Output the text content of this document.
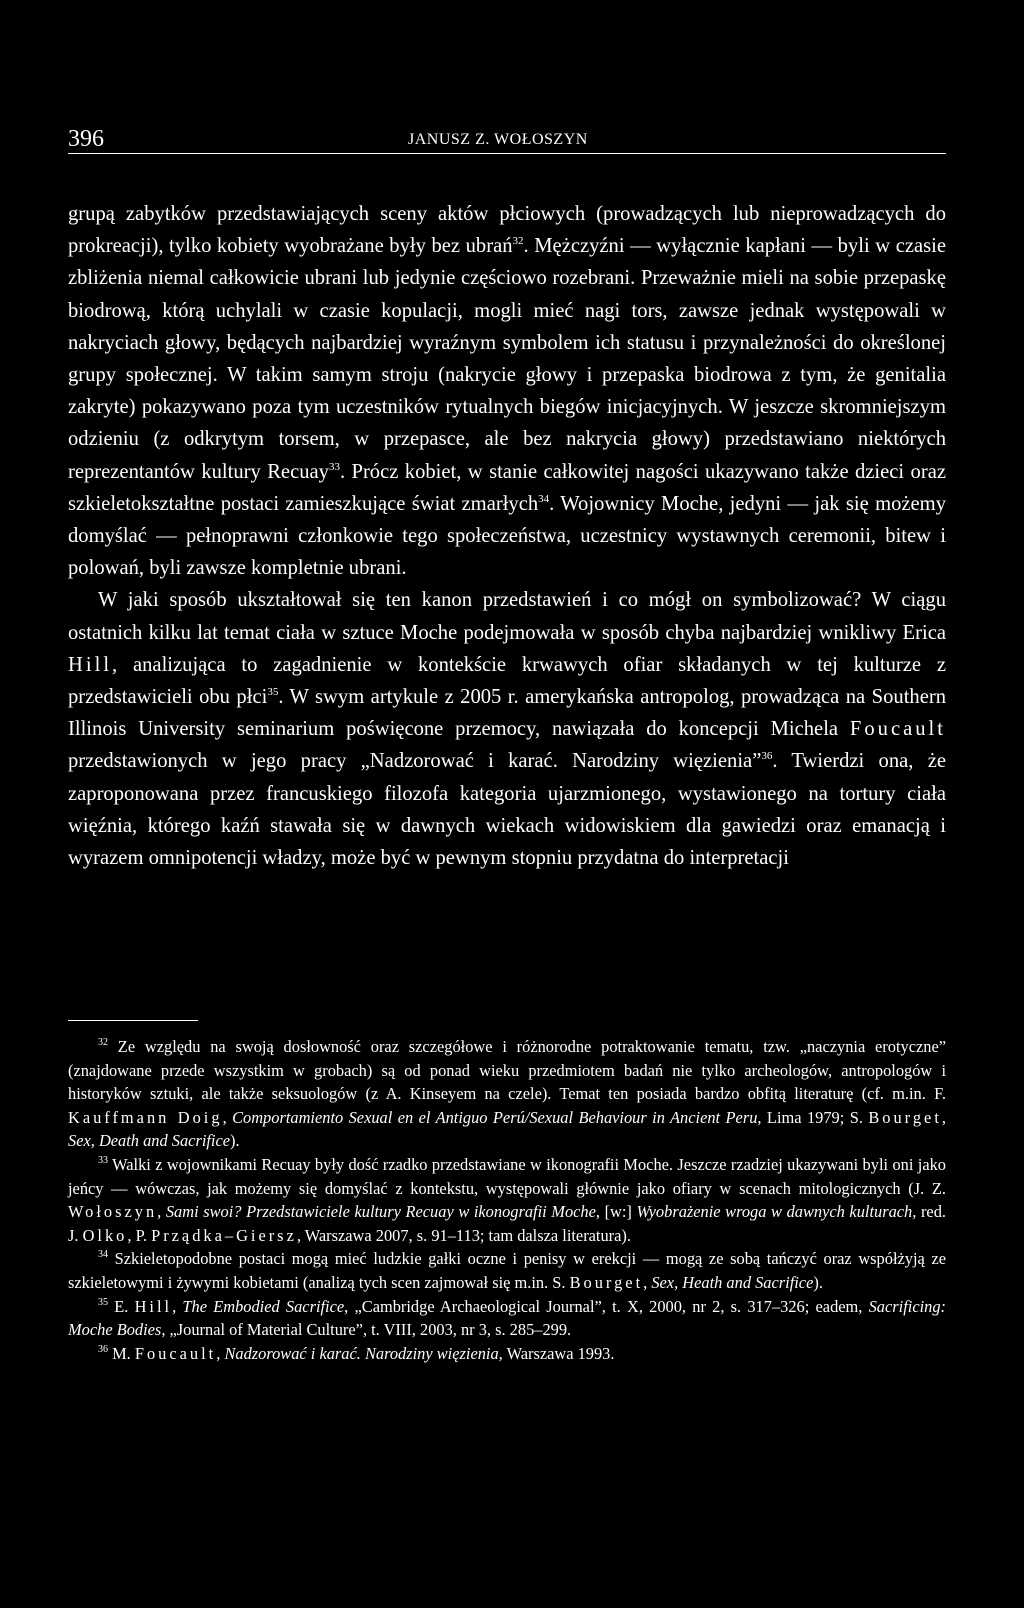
396	JANUSZ Z. WOŁOSZYN

grupą zabytków przedstawiających sceny aktów płciowych (prowadzących lub nieprowadzących do prokreacji), tylko kobiety wyobrażane były bez ubrań$^{32}$. Mężczyźni — wyłącznie kapłani — byli w czasie zbliżenia niemal całkowicie ubrani lub jedynie częściowo rozebrani. Przeważnie mieli na sobie przepaskę biodrową, którą uchylali w czasie kopulacji, mogli mieć nagi tors, zawsze jednak występowali w nakryciach głowy, będących najbardziej wyraźnym symbolem ich statusu i przynależności do określonej grupy społecznej. W takim samym stroju (nakrycie głowy i przepaska biodrowa z tym, że genitalia zakryte) pokazywano poza tym uczestników rytualnych biegów inicjacyjnych. W jeszcze skromniejszym odzieniu (z odkrytym torsem, w przepasce, ale bez nakrycia głowy) przedstawiano niektórych reprezentantów kultury Recuay$^{33}$. Prócz kobiet, w stanie całkowitej nagości ukazywano także dzieci oraz szkieletokształtne postaci zamieszkujące świat zmarłych$^{34}$. Wojownicy Moche, jedyni — jak się możemy domyślać — pełnoprawni członkowie tego społeczeństwa, uczestnicy wystawnych ceremonii, bitew i polowań, byli zawsze kompletnie ubrani.

W jaki sposób ukształtował się ten kanon przedstawień i co mógł on symbolizować? W ciągu ostatnich kilku lat temat ciała w sztuce Moche podejmowała w sposób chyba najbardziej wnikliwy Erica Hill, analizująca to zagadnienie w kontekście krwawych ofiar składanych w tej kulturze z przedstawicieli obu płci$^{35}$. W swym artykule z 2005 r. amerykańska antropolog, prowadząca na Southern Illinois University seminarium poświęcone przemocy, nawiązała do koncepcji Michela Foucault przedstawionych w jego pracy „Nadzorować i karać. Narodziny więzienia”$^{36}$. Twierdzi ona, że zaproponowana przez francuskiego filozofa kategoria ujarzmionego, wystawionego na tortury ciała więźnia, którego kaźń stawała się w dawnych wiekach widowiskiem dla gawiedzi oraz emanacją i wyrazem omnipotencji władzy, może być w pewnym stopniu przydatna do interpretacji

$^{32}$ Ze względu na swoją dosłowność oraz szczegółowe i różnorodne potraktowanie tematu, tzw. „naczynia erotyczne” (znajdowane przede wszystkim w grobach) są od ponad wieku przedmiotem badań nie tylko archeologów, antropologów i historyków sztuki, ale także seksuologów (z A. Kinseyem na czele). Temat ten posiada bardzo obfitą literaturę (cf. m.in. F. Kauffmann Doig, Comportamiento Sexual en el Antiguo Perú/Sexual Behaviour in Ancient Peru, Lima 1979; S. Bourget, Sex, Death and Sacrifice).

$^{33}$ Walki z wojownikami Recuay były dość rzadko przedstawiane w ikonografii Moche. Jeszcze rzadziej ukazywani byli oni jako jeńcy — wówczas, jak możemy się domyślać z kontekstu, występowali głównie jako ofiary w scenach mitologicznych (J. Z. Wołoszyn, Sami swoi? Przedstawiciele kultury Recuay w ikonografii Moche, [w:] Wyobrażenie wroga w dawnych kulturach, red. J. Olko, P. Prządka–Giersz, Warszawa 2007, s. 91–113; tam dalsza literatura).

$^{34}$ Szkieletopodobne postaci mogą mieć ludzkie gałki oczne i penisy w erekcji — mogą ze sobą tańczyć oraz współżyją ze szkieletowymi i żywymi kobietami (analizą tych scen zajmował się m.in. S. Bourget, Sex, Heath and Sacrifice).

$^{35}$ E. Hill, The Embodied Sacrifice, „Cambridge Archaeological Journal”, t. X, 2000, nr 2, s. 317–326; eadem, Sacrificing: Moche Bodies, „Journal of Material Culture”, t. VIII, 2003, nr 3, s. 285–299.

$^{36}$ M. Foucault, Nadzorować i karać. Narodziny więzienia, Warszawa 1993.
